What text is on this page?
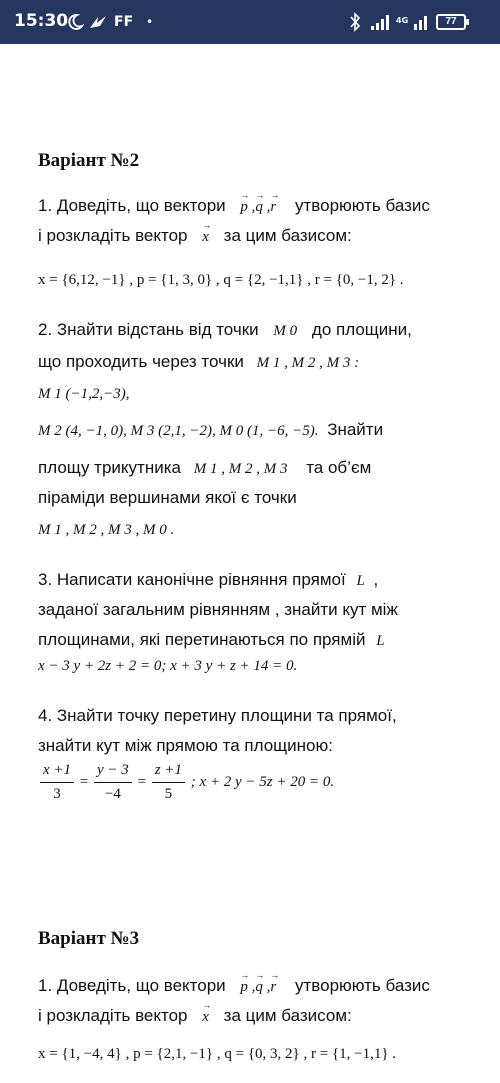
15:30	FF •	4G	77
Варіант №2
1. Доведіть, що вектори → p ,→ q ,→ r утворюють базис
і розкладіть вектор → x за цим базисом:
x = {6,12, −1} , p = {1, 3, 0} , q = {2, −1,1} , r = {0, −1, 2} .
2. Знайти відстань від точки M 0 до площини,
що проходить через точки M 1 , M 2 , M 3 :
M 1 (−1,2,−3),
M 2 (4, −1, 0), M 3 (2,1, −2), M 0 (1, −6, −5). Знайти
площу трикутника M 1 , M 2 , M 3 та об’єм
піраміди вершинами якої є точки
M 1 , M 2 , M 3 , M 0 .
3. Написати канонічне рівняння прямої L ,
заданої загальним рівнянням , знайти кут між
площинами, які перетинаються по прямій L
x − 3 y + 2z + 2 = 0; x + 3 y + z + 14 = 0.
4. Знайти точку перетину площини та прямої,
знайти кут між прямою та площиною:
$\frac{x +1}{3} = \frac{y - 3}{-4} = \frac{z +1}{5}$ ; x + 2 y − 5z + 20 = 0.
Варіант №3
1. Доведіть, що вектори → p ,→ q ,→ r утворюють базис
і розкладіть вектор → x за цим базисом:
x = {1, −4, 4} , p = {2,1, −1} , q = {0, 3, 2} , r = {1, −1,1} .
